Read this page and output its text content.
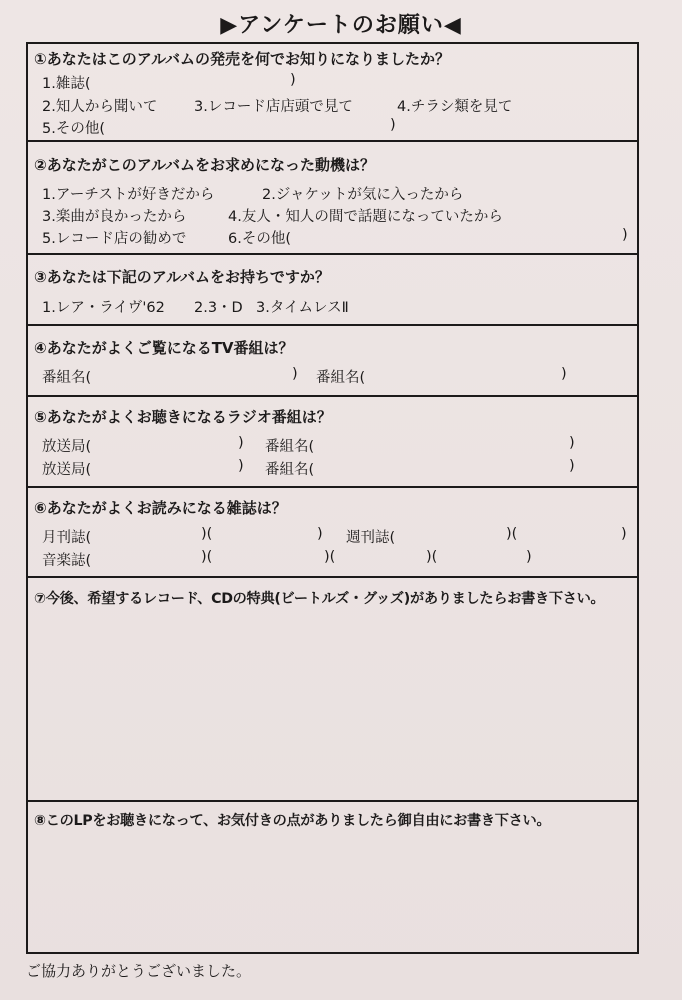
▶アンケートのお願い◀
①あなたはこのアルバムの発売を何でお知りになりましたか？
1.雑誌(	)
2.知人から聞いて	3.レコード店店頭で見て	4.チラシ類を見て
5.その他(	)
②あなたがこのアルバムをお求めになった動機は？
1.アーチストが好きだから	2.ジャケットが気に入ったから
3.楽曲が良かったから	4.友人・知人の間で話題になっていたから
5.レコード店の勧めで	6.その他(	)
③あなたは下記のアルバムをお持ちですか？
1.レア・ライヴ'62 2.3・D 3.タイムレスⅡ
④あなたがよくご覧になるTV番組は？
番組名(	) 番組名(	)
⑤あなたがよくお聴きになるラジオ番組は？
放送局(	) 番組名(	)
放送局(	) 番組名(	)
⑥あなたがよくお読みになる雑誌は？
月刊誌(	)(	) 週刊誌(	)(	)
音楽誌(	)(	)(	)(	)
⑦今後、希望するレコード、CDの特典(ビートルズ・グッズ)がありましたらお書き下さい。
⑧このLPをお聴きになって、お気付きの点がありましたら御自由にお書き下さい。
ご協力ありがとうございました。
